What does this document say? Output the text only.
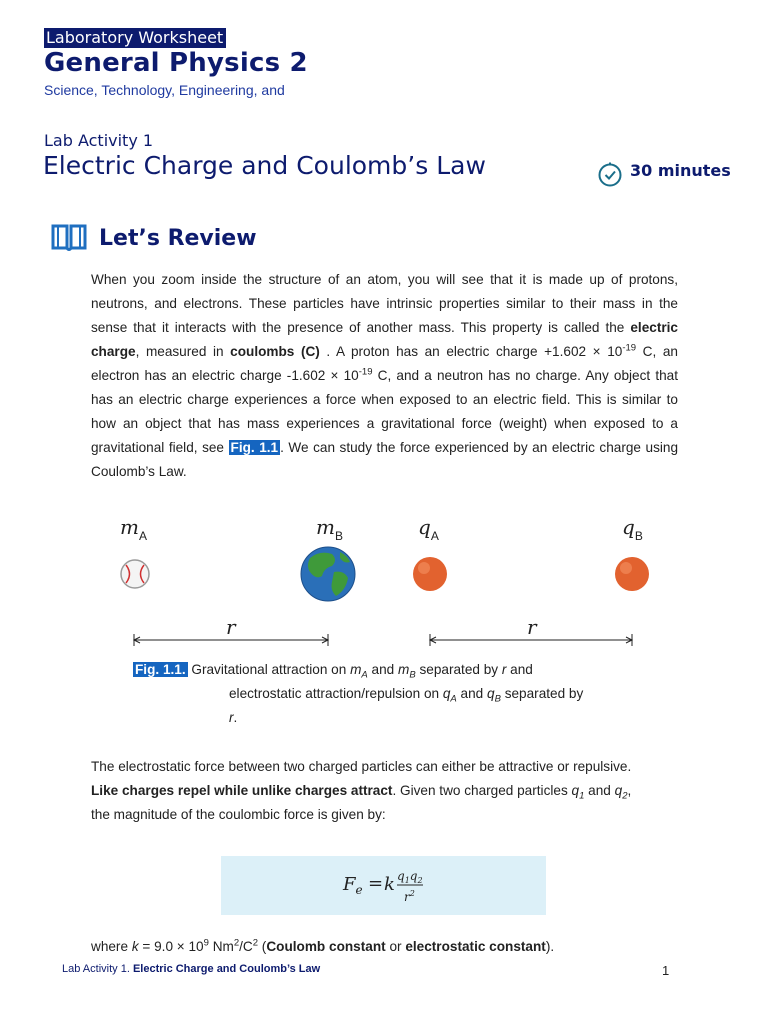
Laboratory Worksheet
General Physics 2
Science, Technology, Engineering, and
Lab Activity 1
Electric Charge and Coulomb’s Law	30 minutes
Let’s Review

When you zoom inside the structure of an atom, you will see that it is made up of protons, neutrons, and electrons. These particles have intrinsic properties similar to their mass in the sense that it interacts with the presence of another mass. This property is called the electric charge, measured in coulombs (C) . A proton has an electric charge $+1.602 \times 10^{-19}$ C, an electron has an electric charge $-1.602 \times 10^{-19}$ C, and a neutron has no charge. Any object that has an electric charge experiences a force when exposed to an electric field. This is similar to how an object that has mass experiences a gravitational force (weight) when exposed to a gravitational field, see Fig. 1.1 . We can study the force experienced by an electric charge using Coulomb’s Law.

$m_A$	$m_B$	$q_A$	$q_B$
r	r
Fig. 1.1. Gravitational attraction on $m_A$ and $m_B$ separated by r and
electrostatic attraction/repulsion on $q_A$ and $q_B$ separated by
r.
The electrostatic force between two charged particles can either be attractive or repulsive. Like charges repel while unlike charges attract. Given two charged particles $q_1$ and $q_2$, the magnitude of the coulombic force is given by:
$F_e = k$ $q_1q_2$
$r^2$
where $k = 9.0 \times 10^9$ $Nm^2/C^2$ (Coulomb constant or electrostatic constant).
Lab Activity 1. Electric Charge and Coulomb’s Law	1
